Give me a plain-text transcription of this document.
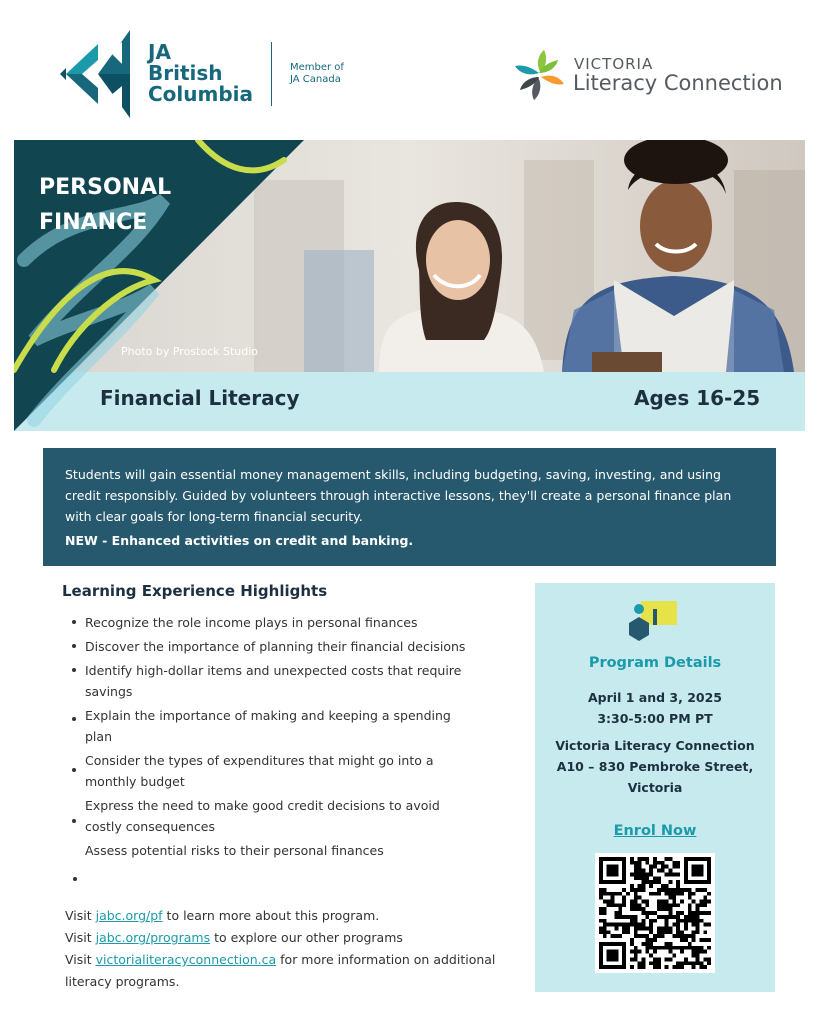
JA
British
Columbia
Member of
JA Canada
VICTORIA
Literacy Connection
PERSONAL
FINANCE
Photo by Prostock Studio
Financial Literacy	Ages 16-25
Students will gain essential money management skills, including budgeting, saving, investing, and using credit responsibly. Guided by volunteers through interactive lessons, they'll create a personal finance plan with clear goals for long-term financial security.
NEW - Enhanced activities on credit and banking.
Learning Experience Highlights
Recognize the role income plays in personal finances
Discover the importance of planning their financial decisions
Identify high-dollar items and unexpected costs that require savings
Explain the importance of making and keeping a spending plan
Consider the types of expenditures that might go into a monthly budget
Express the need to make good credit decisions to avoid costly consequences
Assess potential risks to their personal finances
Visit jabc.org/pf to learn more about this program.
Visit jabc.org/programs to explore our other programs
Visit victorialiteracyconnection.ca for more information on additional literacy programs.
Program Details
April 1 and 3, 2025
3:30-5:00 PM PT
Victoria Literacy Connection
A10 – 830 Pembroke Street,
Victoria
Enrol Now
